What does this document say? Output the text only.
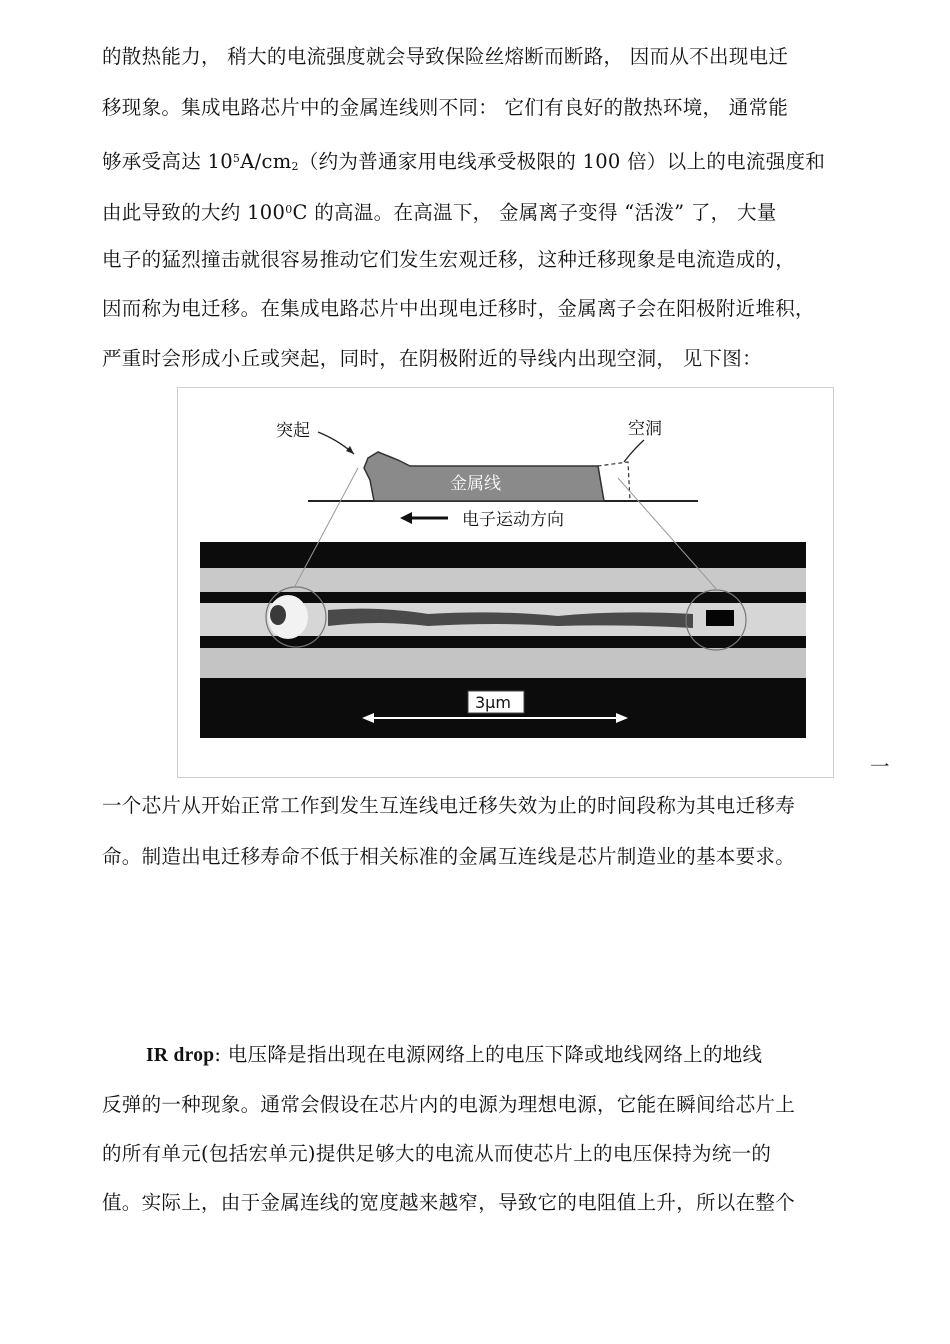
的散热能力， 稍大的电流强度就会导致保险丝熔断而断路， 因而从不出现电迁
移现象。集成电路芯片中的金属连线则不同： 它们有良好的散热环境， 通常能
够承受高达 $10^5A/cm_2$（约为普通家用电线承受极限的 100 倍）以上的电流强度和
由此导致的大约 $100^0C$ 的高温。在高温下， 金属离子变得 “活泼” 了， 大量
电子的猛烈撞击就很容易推动它们发生宏观迁移，这种迁移现象是电流造成的，
因而称为电迁移。在集成电路芯片中出现电迁移时，金属离子会在阳极附近堆积，
严重时会形成小丘或突起，同时，在阴极附近的导线内出现空洞， 见下图：
突起	空洞
金属线
电子运动方向
3μm
一
一个芯片从开始正常工作到发生互连线电迁移失效为止的时间段称为其电迁移寿
命。制造出电迁移寿命不低于相关标准的金属互连线是芯片制造业的基本要求。
IR drop: 电压降是指出现在电源网络上的电压下降或地线网络上的地线
反弹的一种现象。通常会假设在芯片内的电源为理想电源，它能在瞬间给芯片上
的所有单元(包括宏单元)提供足够大的电流从而使芯片上的电压保持为统一的
值。实际上，由于金属连线的宽度越来越窄，导致它的电阻值上升，所以在整个
